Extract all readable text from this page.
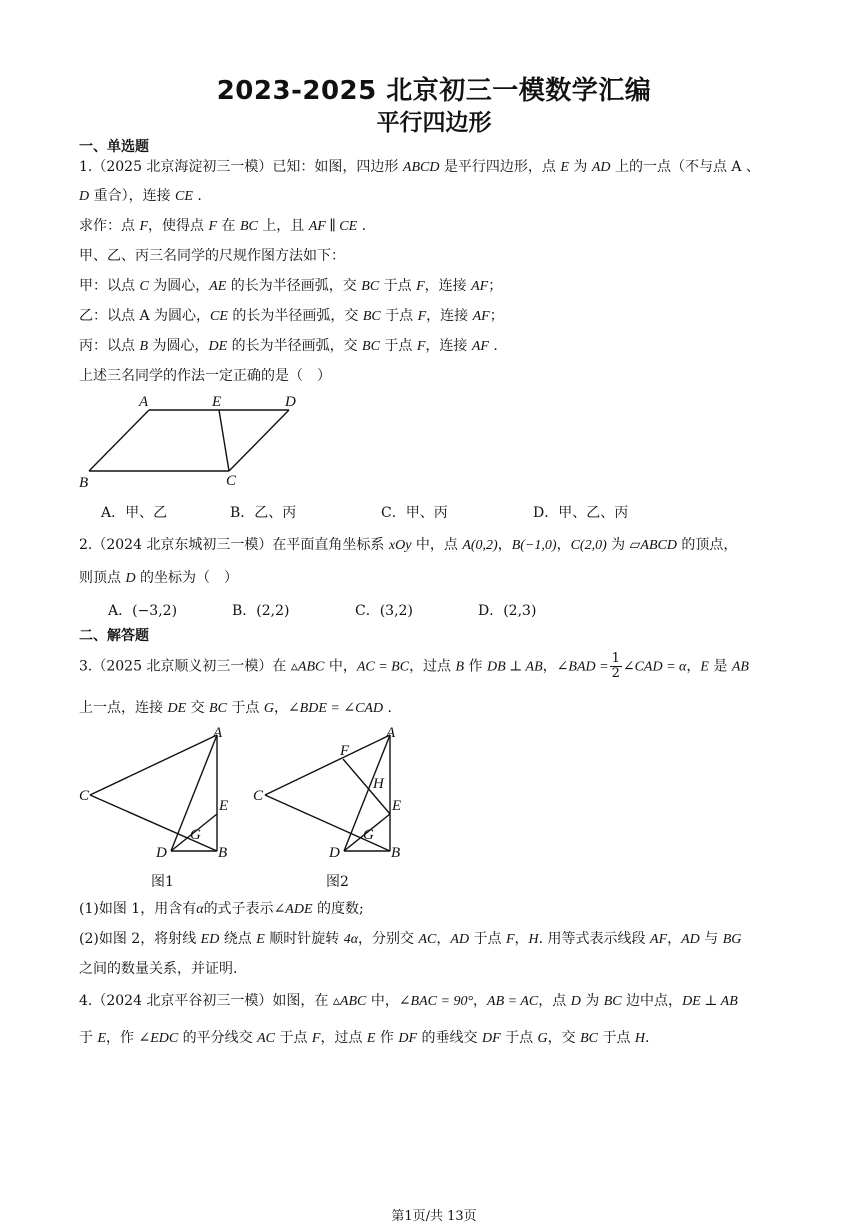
2023-2025 北京初三一模数学汇编
平行四边形
一、单选题
1.（2025 北京海淀初三一模）已知：如图，四边形 ABCD 是平行四边形，点 E 为 AD 上的一点（不与点 A 、
D 重合），连接 CE .
求作：点 F，使得点 F 在 BC 上，且 AF ∥ CE .
甲、乙、丙三名同学的尺规作图方法如下：
甲：以点 C 为圆心，AE 的长为半径画弧，交 BC 于点 F，连接 AF；
乙：以点 A 为圆心，CE 的长为半径画弧，交 BC 于点 F，连接 AF；
丙：以点 B 为圆心，DE 的长为半径画弧，交 BC 于点 F，连接 AF .
上述三名同学的作法一定正确的是（　）
A	E	D
B	C
A．甲、乙	B．乙、丙	C．甲、丙	D．甲、乙、丙
2.（2024 北京东城初三一模）在平面直角坐标系 xOy 中，点 A(0,2)，B(−1,0)，C(2,0) 为 ▱ABCD 的顶点，
则顶点 D 的坐标为（　）
A．(−3,2)	B．(2,2)	C．(3,2)	D．(2,3)
二、解答题
3.（2025 北京顺义初三一模）在 ▵ABC 中，AC = BC，过点 B 作 DB ⊥ AB，∠BAD = $\frac{1}{2}$ ∠CAD = α，E 是 AB
上一点，连接 DE 交 BC 于点 G，∠BDE = ∠CAD .
A
C
E
G
D	B
F
A
H
C
E
G
D	B
图1	图2
(1)如图 1，用含有α的式子表示∠ADE 的度数;
(2)如图 2，将射线 ED 绕点 E 顺时针旋转 4α，分别交 AC，AD 于点 F，H. 用等式表示线段 AF，AD 与 BG
之间的数量关系，并证明.
4.（2024 北京平谷初三一模）如图，在 ▵ABC 中，∠BAC = 90°，AB = AC，点 D 为 BC 边中点，DE ⊥ AB
于 E，作 ∠EDC 的平分线交 AC 于点 F，过点 E 作 DF 的垂线交 DF 于点 G，交 BC 于点 H.
第1页/共 13页
